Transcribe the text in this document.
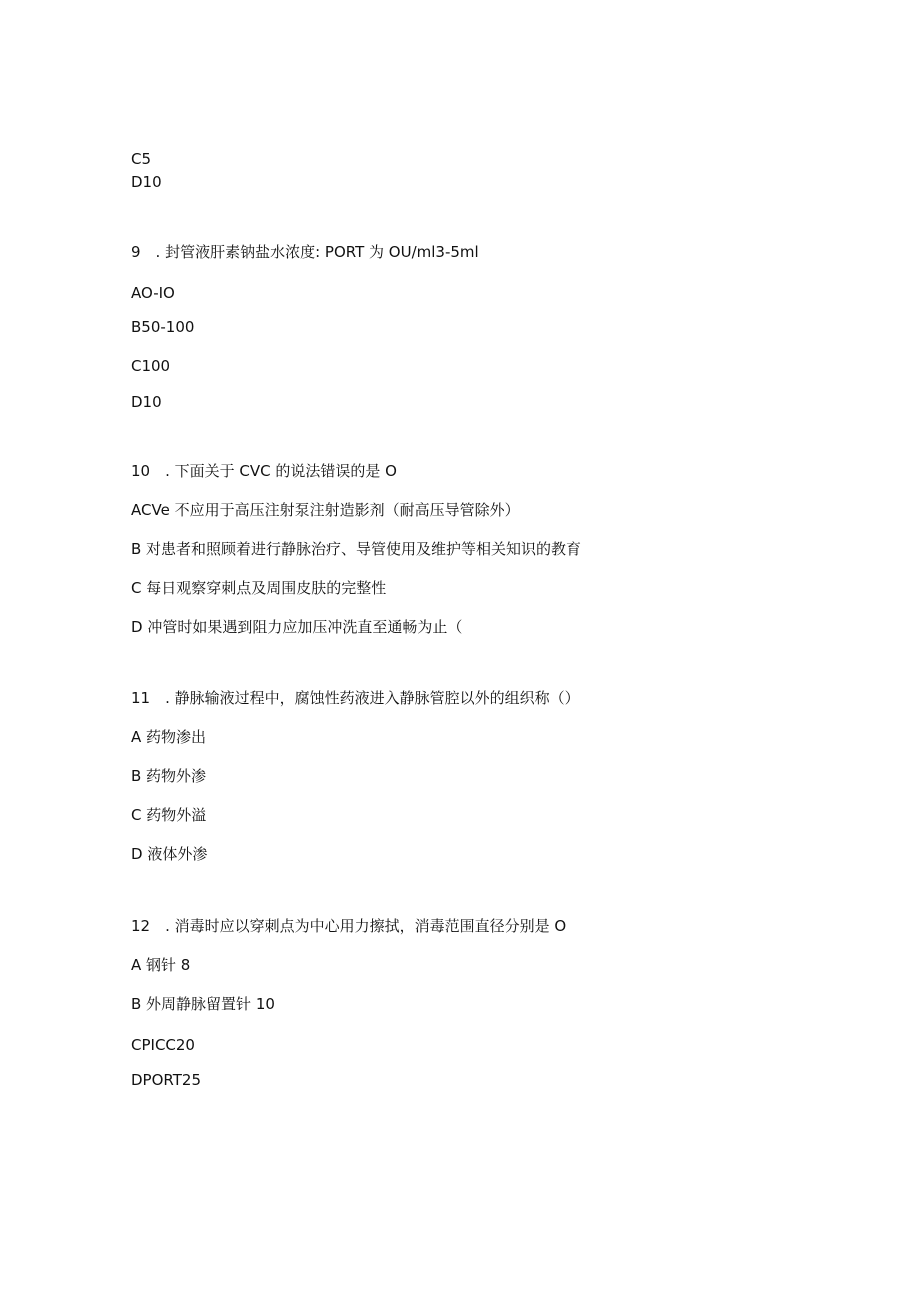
C5
D10
9　. 封管液肝素钠盐水浓度: PORT 为 OU/ml3-5ml
AO-IO
B50-100
C100
D10
10　. 下面关于 CVC 的说法错误的是 O
ACVe 不应用于高压注射泵注射造影剂（耐高压导管除外）
B 对患者和照顾着进行静脉治疗、导管使用及维护等相关知识的教育
C 每日观察穿刺点及周围皮肤的完整性
D 冲管时如果遇到阻力应加压冲洗直至通畅为止（
11　. 静脉输液过程中，腐蚀性药液进入静脉管腔以外的组织称（）
A 药物渗出
B 药物外渗
C 药物外溢
D 液体外渗
12　. 消毒时应以穿刺点为中心用力擦拭，消毒范围直径分别是 O
A 钢针 8
B 外周静脉留置针 10
CPICC20
DPORT25
